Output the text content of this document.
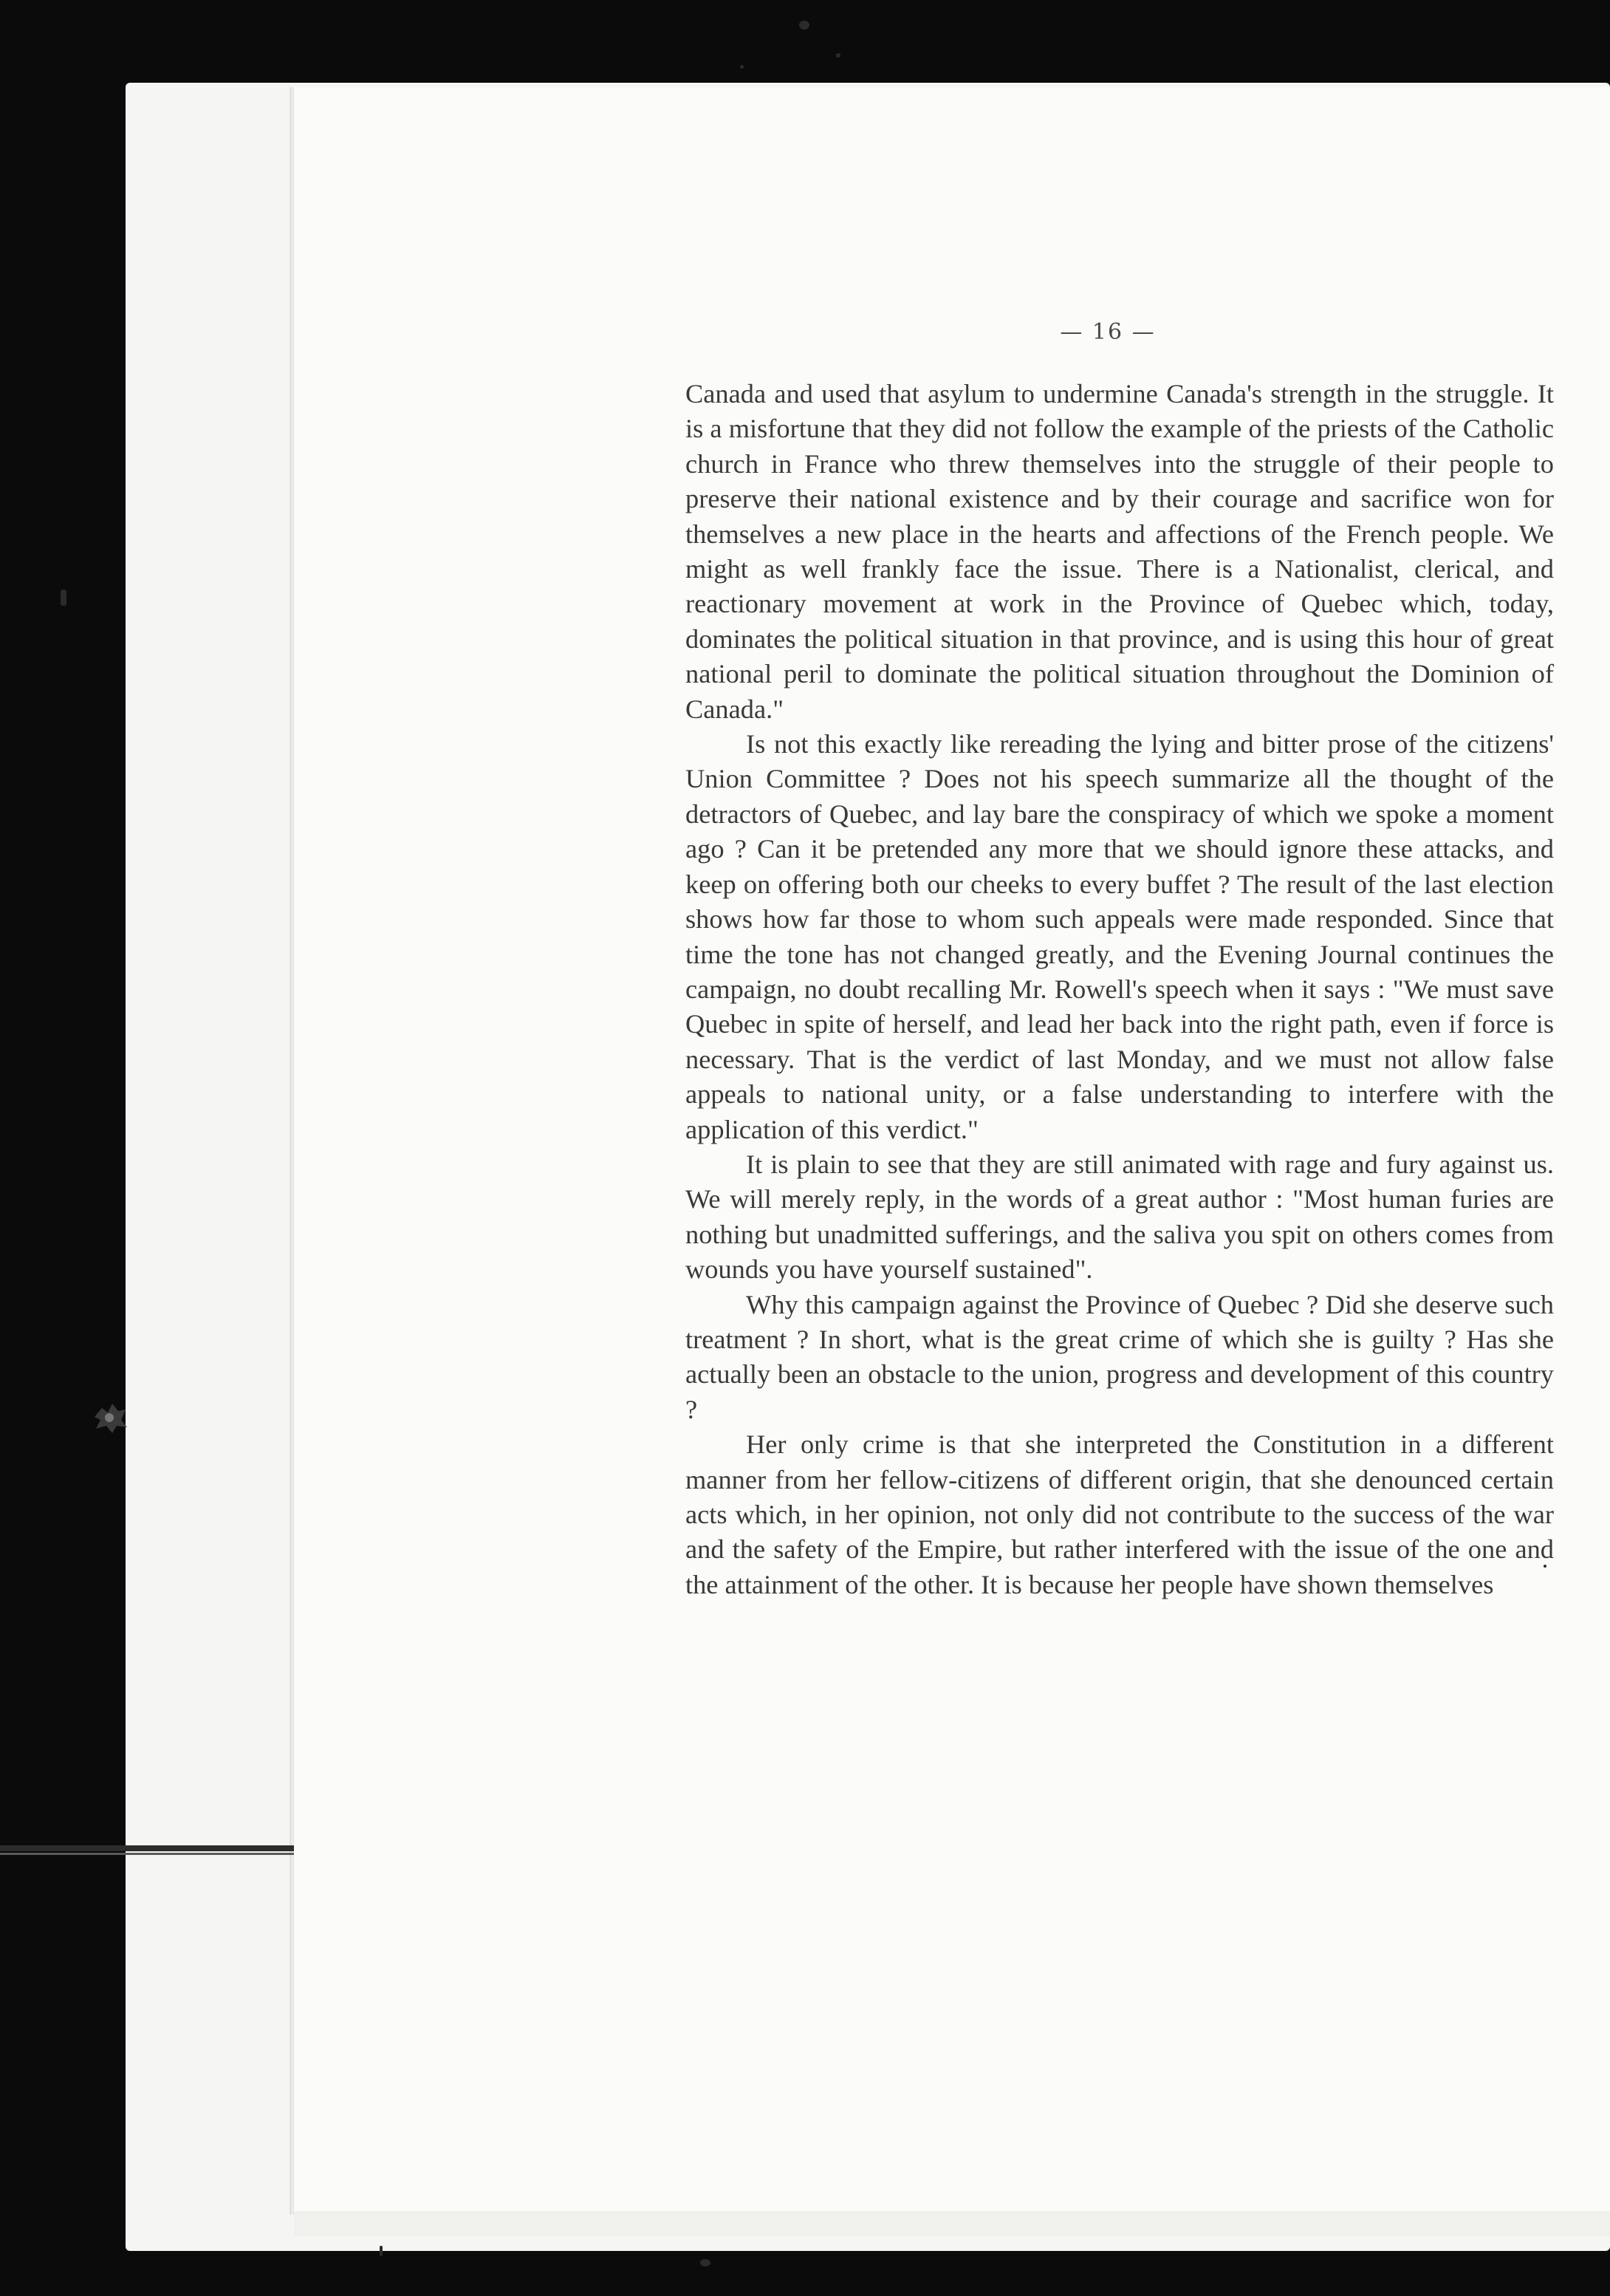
— 16 —

Canada and used that asylum to undermine Canada's strength in the struggle. It is a misfortune that they did not follow the example of the priests of the Catholic church in France who threw themselves into the struggle of their people to preserve their national existence and by their courage and sacrifice won for themselves a new place in the hearts and affections of the French people. We might as well frankly face the issue. There is a Nationalist, clerical, and reactionary movement at work in the Province of Quebec which, today, dominates the political situation in that province, and is using this hour of great national peril to dominate the political situation throughout the Dominion of Canada."

Is not this exactly like rereading the lying and bitter prose of the citizens' Union Committee ? Does not his speech summarize all the thought of the detractors of Quebec, and lay bare the conspiracy of which we spoke a moment ago ? Can it be pretended any more that we should ignore these attacks, and keep on offering both our cheeks to every buffet ? The result of the last election shows how far those to whom such appeals were made responded. Since that time the tone has not changed greatly, and the Evening Journal continues the campaign, no doubt recalling Mr. Rowell's speech when it says : "We must save Quebec in spite of herself, and lead her back into the right path, even if force is necessary. That is the verdict of last Monday, and we must not allow false appeals to national unity, or a false understanding to interfere with the application of this verdict."

It is plain to see that they are still animated with rage and fury against us. We will merely reply, in the words of a great author : "Most human furies are nothing but unadmitted sufferings, and the saliva you spit on others comes from wounds you have yourself sustained".

Why this campaign against the Province of Quebec ? Did she deserve such treatment ? In short, what is the great crime of which she is guilty ? Has she actually been an obstacle to the union, progress and development of this country ?

Her only crime is that she interpreted the Constitution in a different manner from her fellow-citizens of different origin, that she denounced certain acts which, in her opinion, not only did not contribute to the success of the war and the safety of the Empire, but rather interfered with the issue of the one and the attainment of the other. It is because her people have shown themselves
